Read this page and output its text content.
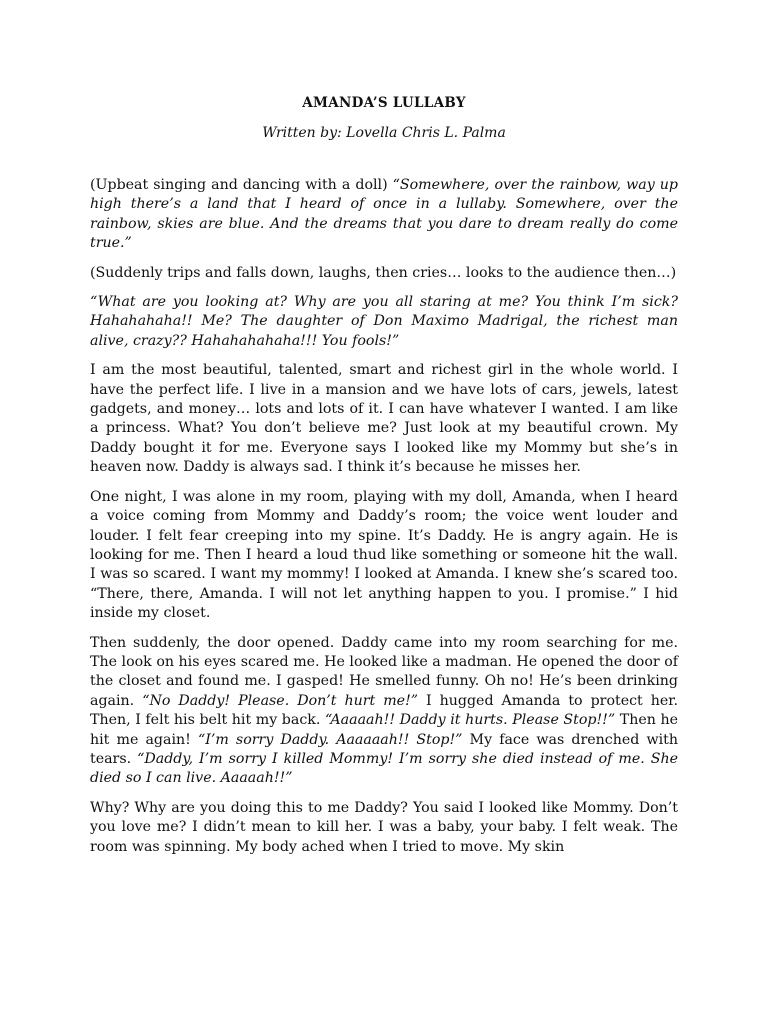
AMANDA’S LULLABY
Written by: Lovella Chris L. Palma

(Upbeat singing and dancing with a doll) “Somewhere, over the rainbow, way up high there’s a land that I heard of once in a lullaby. Somewhere, over the rainbow, skies are blue. And the dreams that you dare to dream really do come true.”

(Suddenly trips and falls down, laughs, then cries… looks to the audience then…)

“What are you looking at? Why are you all staring at me? You think I’m sick? Hahahahaha!! Me? The daughter of Don Maximo Madrigal, the richest man alive, crazy?? Hahahahahaha!!! You fools!”

I am the most beautiful, talented, smart and richest girl in the whole world. I have the perfect life. I live in a mansion and we have lots of cars, jewels, latest gadgets, and money… lots and lots of it. I can have whatever I wanted. I am like a princess. What? You don’t believe me? Just look at my beautiful crown. My Daddy bought it for me. Everyone says I looked like my Mommy but she’s in heaven now. Daddy is always sad. I think it’s because he misses her.

One night, I was alone in my room, playing with my doll, Amanda, when I heard a voice coming from Mommy and Daddy’s room; the voice went louder and louder. I felt fear creeping into my spine. It’s Daddy. He is angry again. He is looking for me. Then I heard a loud thud like something or someone hit the wall. I was so scared. I want my mommy! I looked at Amanda. I knew she’s scared too. “There, there, Amanda. I will not let anything happen to you. I promise.” I hid inside my closet.

Then suddenly, the door opened. Daddy came into my room searching for me. The look on his eyes scared me. He looked like a madman. He opened the door of the closet and found me. I gasped! He smelled funny. Oh no! He’s been drinking again. “No Daddy! Please. Don’t hurt me!” I hugged Amanda to protect her. Then, I felt his belt hit my back. “Aaaaah!! Daddy it hurts. Please Stop!!” Then he hit me again! “I’m sorry Daddy. Aaaaaah!! Stop!” My face was drenched with tears. “Daddy, I’m sorry I killed Mommy! I’m sorry she died instead of me. She died so I can live. Aaaaah!!”

Why? Why are you doing this to me Daddy? You said I looked like Mommy. Don’t you love me? I didn’t mean to kill her. I was a baby, your baby. I felt weak. The room was spinning. My body ached when I tried to move. My skin
